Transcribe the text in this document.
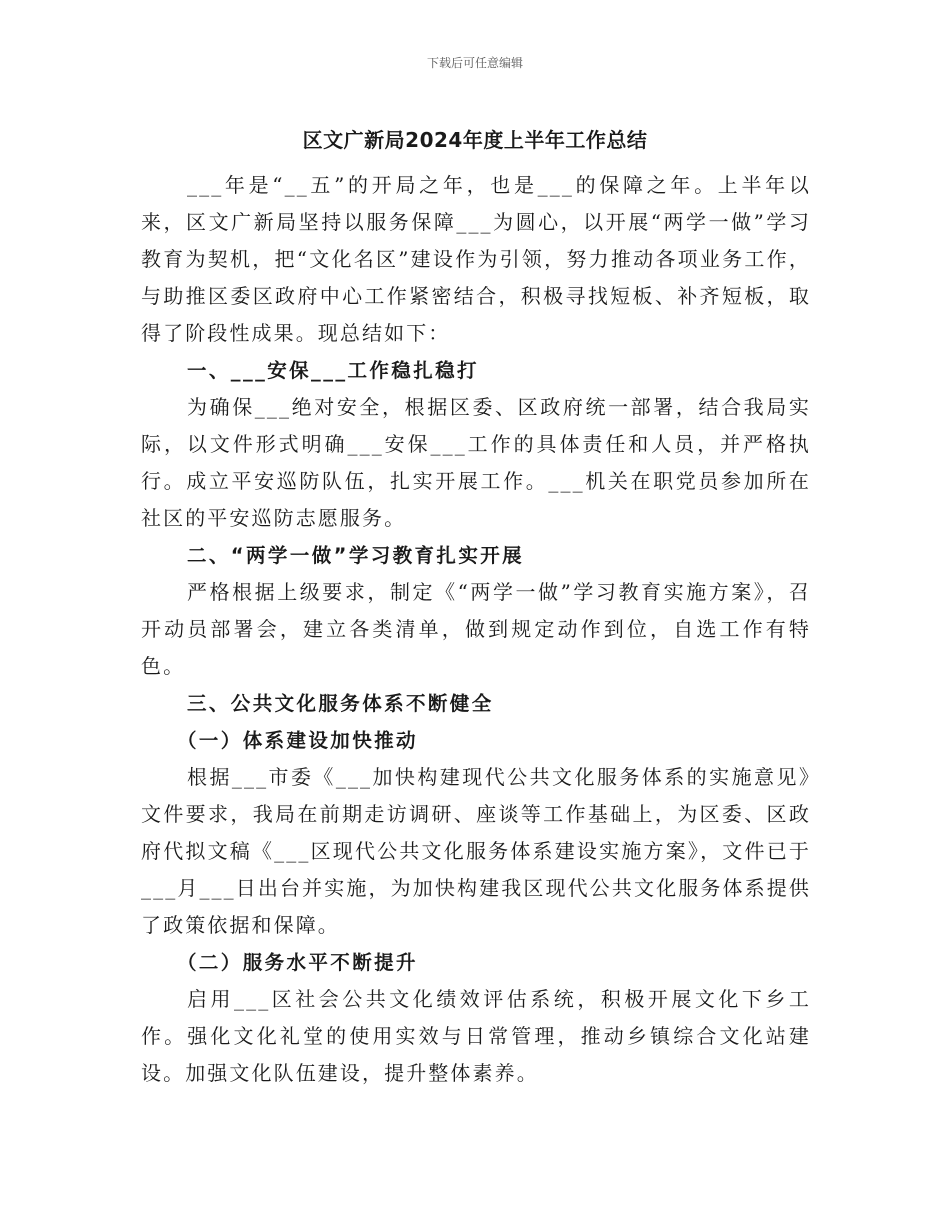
下载后可任意编辑
区文广新局2024年度上半年工作总结

___年是“__五”的开局之年，也是___的保障之年。上半年以来，区文广新局坚持以服务保障___为圆心，以开展“两学一做”学习教育为契机，把“文化名区”建设作为引领，努力推动各项业务工作，与助推区委区政府中心工作紧密结合，积极寻找短板、补齐短板，取得了阶段性成果。现总结如下：

一、___安保___工作稳扎稳打

为确保___绝对安全，根据区委、区政府统一部署，结合我局实际，以文件形式明确___安保___工作的具体责任和人员，并严格执行。成立平安巡防队伍，扎实开展工作。___机关在职党员参加所在社区的平安巡防志愿服务。

二、“两学一做”学习教育扎实开展

严格根据上级要求，制定《“两学一做”学习教育实施方案》，召开动员部署会，建立各类清单，做到规定动作到位，自选工作有特色。

三、公共文化服务体系不断健全

（一）体系建设加快推动

根据___市委《___加快构建现代公共文化服务体系的实施意见》文件要求，我局在前期走访调研、座谈等工作基础上，为区委、区政府代拟文稿《___区现代公共文化服务体系建设实施方案》，文件已于___月___日出台并实施，为加快构建我区现代公共文化服务体系提供了政策依据和保障。

（二）服务水平不断提升

启用___区社会公共文化绩效评估系统，积极开展文化下乡工作。强化文化礼堂的使用实效与日常管理，推动乡镇综合文化站建设。加强文化队伍建设，提升整体素养。
